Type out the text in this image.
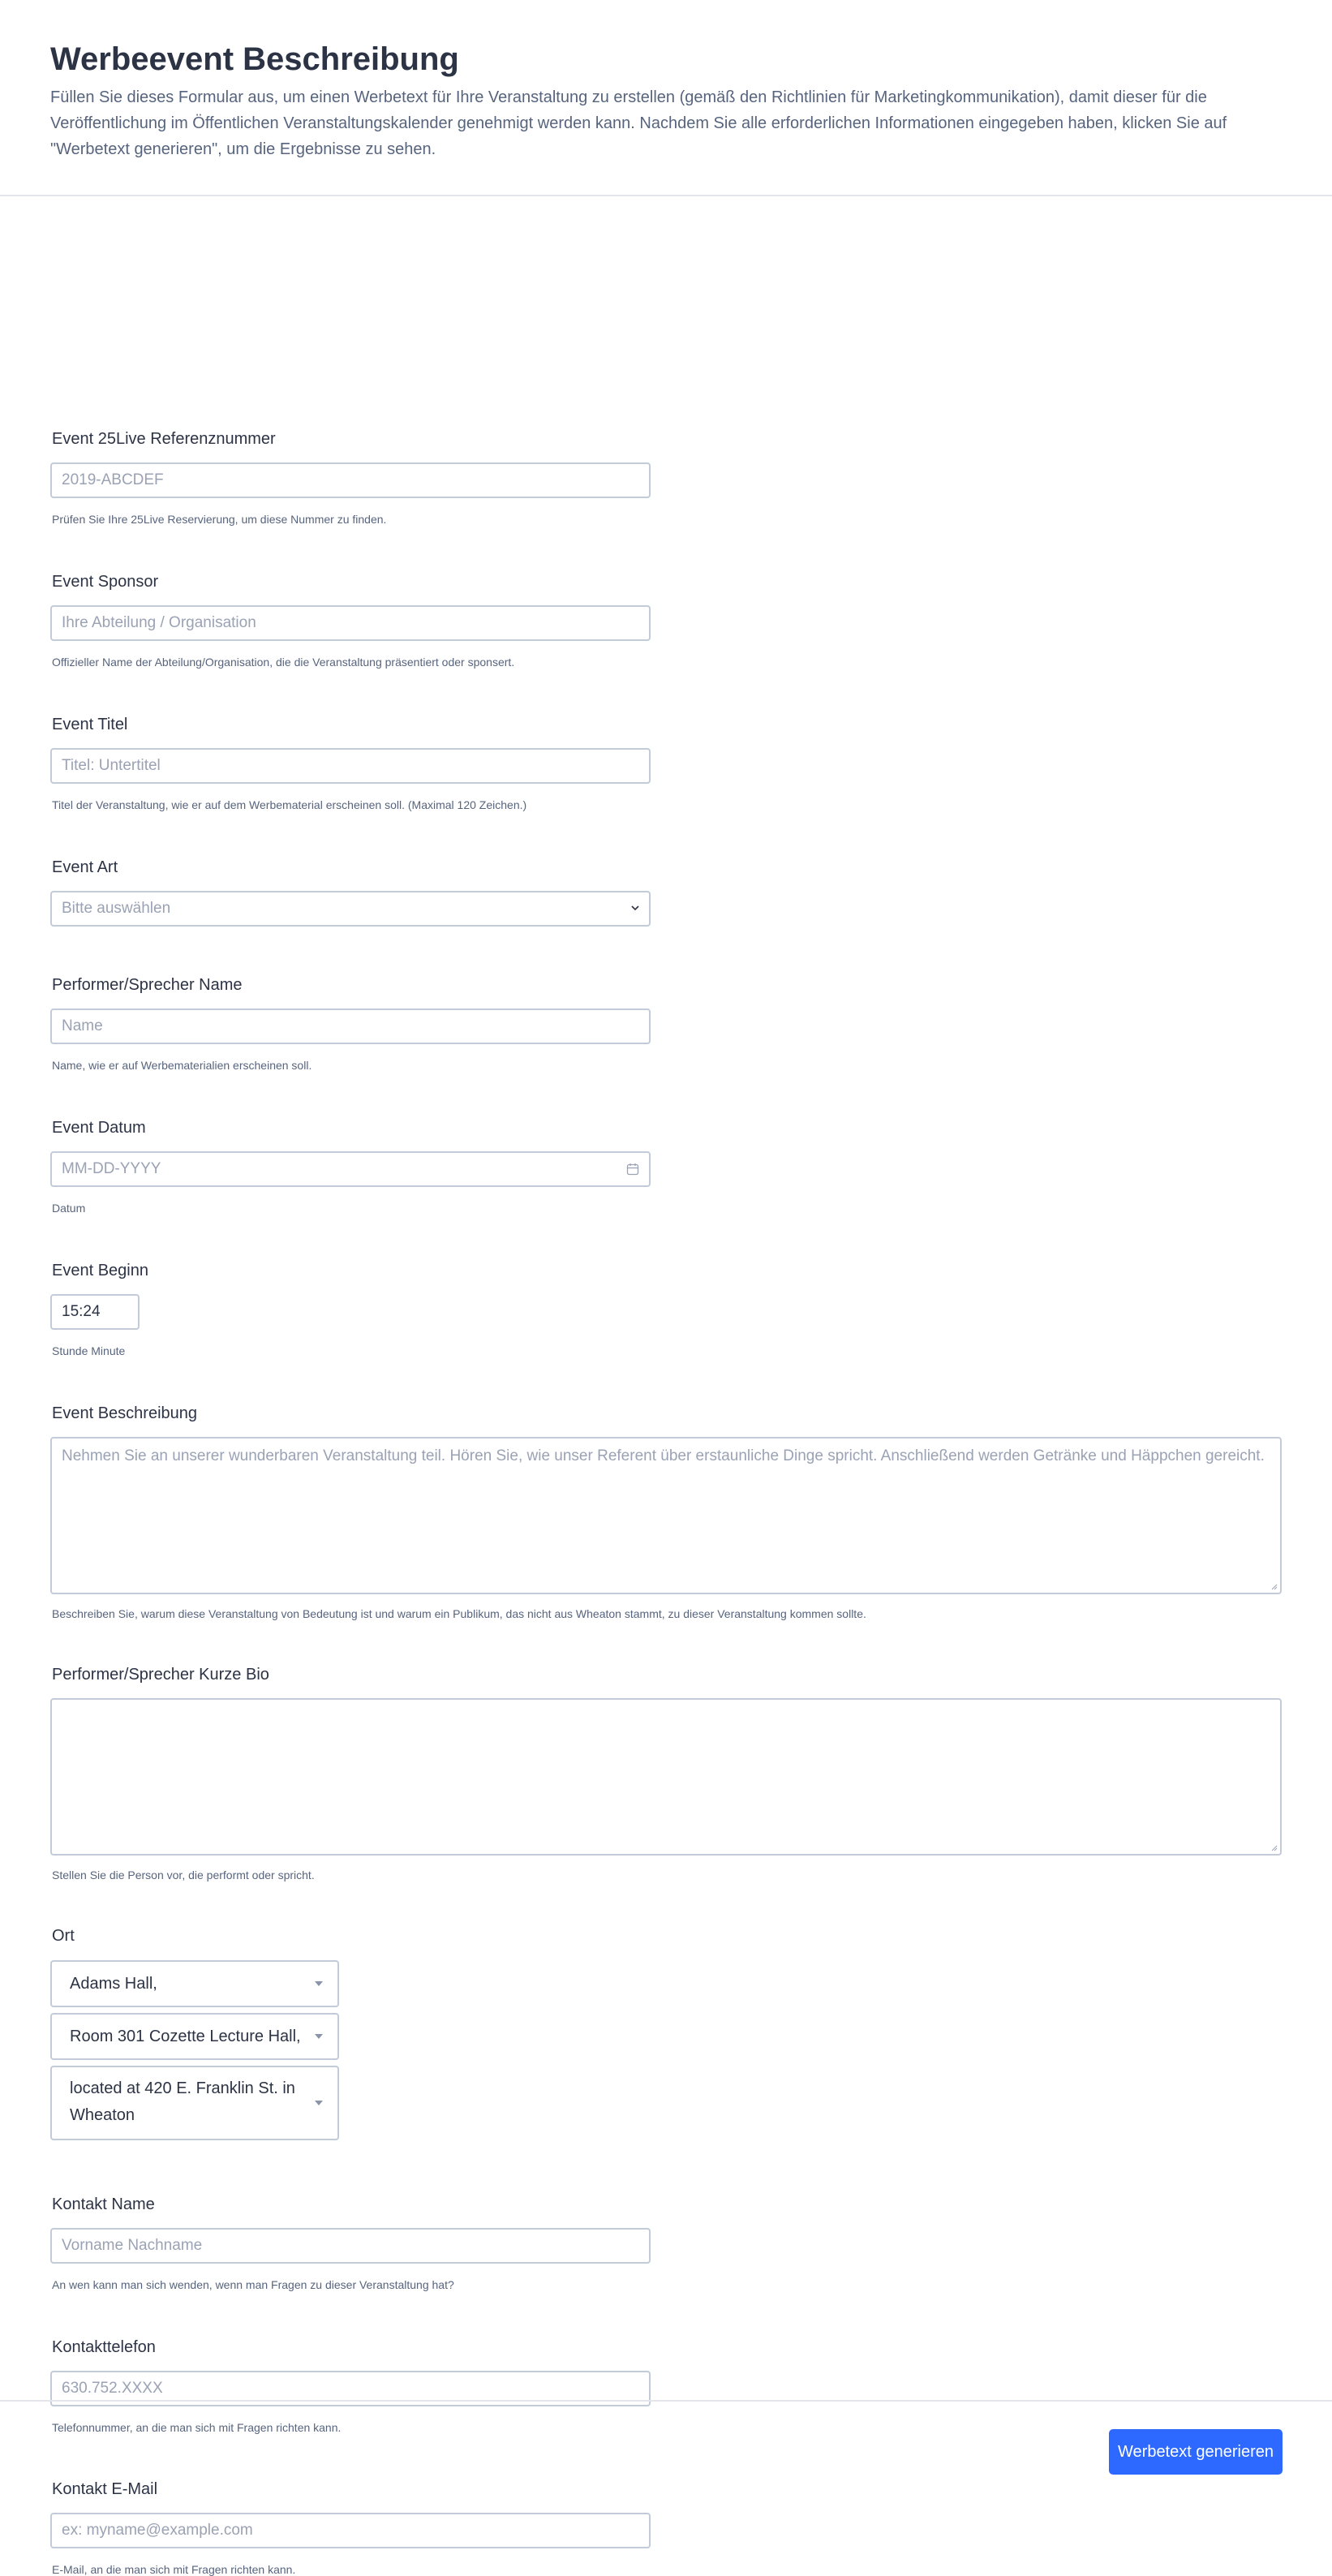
Werbeevent Beschreibung

Füllen Sie dieses Formular aus, um einen Werbetext für Ihre Veranstaltung zu erstellen (gemäß den Richtlinien für Marketingkommunikation), damit dieser für die Veröffentlichung im Öffentlichen Veranstaltungskalender genehmigt werden kann. Nachdem Sie alle erforderlichen Informationen eingegeben haben, klicken Sie auf "Werbetext generieren", um die Ergebnisse zu sehen.

Event 25Live Referenznummer
2019-ABCDEF
Prüfen Sie Ihre 25Live Reservierung, um diese Nummer zu finden.
Event Sponsor
Ihre Abteilung / Organisation
Offizieller Name der Abteilung/Organisation, die die Veranstaltung präsentiert oder sponsert.
Event Titel
Titel: Untertitel
Titel der Veranstaltung, wie er auf dem Werbematerial erscheinen soll. (Maximal 120 Zeichen.)
Event Art
Bitte auswählen
Performer/Sprecher Name
Name
Name, wie er auf Werbematerialien erscheinen soll.
Event Datum
MM-DD-YYYY
Datum
Event Beginn
15:24
Stunde Minute
Event Beschreibung
Nehmen Sie an unserer wunderbaren Veranstaltung teil. Hören Sie, wie unser Referent über erstaunliche Dinge spricht. Anschließend werden Getränke und Häppchen gereicht.
Beschreiben Sie, warum diese Veranstaltung von Bedeutung ist und warum ein Publikum, das nicht aus Wheaton stammt, zu dieser Veranstaltung kommen sollte.
Performer/Sprecher Kurze Bio
Stellen Sie die Person vor, die performt oder spricht.
Ort
Adams Hall,
Room 301 Cozette Lecture Hall,
located at 420 E. Franklin St. in Wheaton
Kontakt Name
Vorname Nachname
An wen kann man sich wenden, wenn man Fragen zu dieser Veranstaltung hat?
Kontakttelefon
630.752.XXXX
Telefonnummer, an die man sich mit Fragen richten kann.
Kontakt E-Mail
ex: myname@example.com
E-Mail, an die man sich mit Fragen richten kann.
Werbetext generieren
